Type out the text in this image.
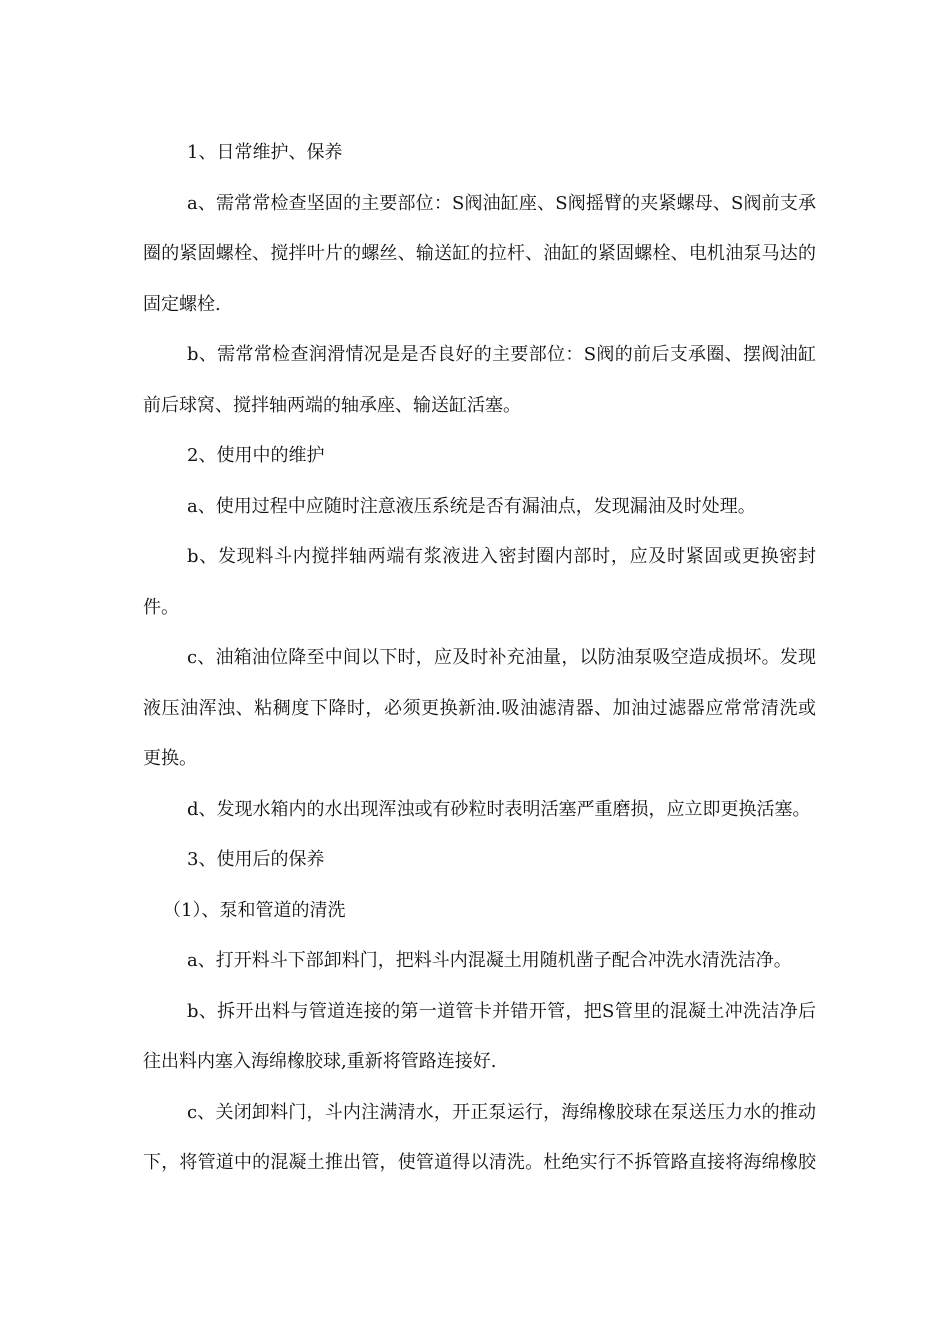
1、日常维护、保养
a、需常常检查坚固的主要部位：S阀油缸座、S阀摇臂的夹紧螺母、S阀前支承
圈的紧固螺栓、搅拌叶片的螺丝、输送缸的拉杆、油缸的紧固螺栓、电机油泵马达的
固定螺栓.
b、需常常检查润滑情况是是否良好的主要部位：S阀的前后支承圈、摆阀油缸
前后球窝、搅拌轴两端的轴承座、输送缸活塞。
2、使用中的维护
a、使用过程中应随时注意液压系统是否有漏油点，发现漏油及时处理。
b、发现料斗内搅拌轴两端有浆液进入密封圈内部时，应及时紧固或更换密封
件。
c、油箱油位降至中间以下时，应及时补充油量，以防油泵吸空造成损坏。发现
液压油浑浊、粘稠度下降时，必须更换新油.吸油滤清器、加油过滤器应常常清洗或
更换。
d、发现水箱内的水出现浑浊或有砂粒时表明活塞严重磨损，应立即更换活塞。
3、使用后的保养
（1）、泵和管道的清洗
a、打开料斗下部卸料门，把料斗内混凝土用随机凿子配合冲洗水清洗洁净。
b、拆开出料与管道连接的第一道管卡并错开管，把S管里的混凝土冲洗洁净后
往出料内塞入海绵橡胶球,重新将管路连接好.
c、关闭卸料门，斗内注满清水，开正泵运行，海绵橡胶球在泵送压力水的推动
下，将管道中的混凝土推出管，使管道得以清洗。杜绝实行不拆管路直接将海绵橡胶
